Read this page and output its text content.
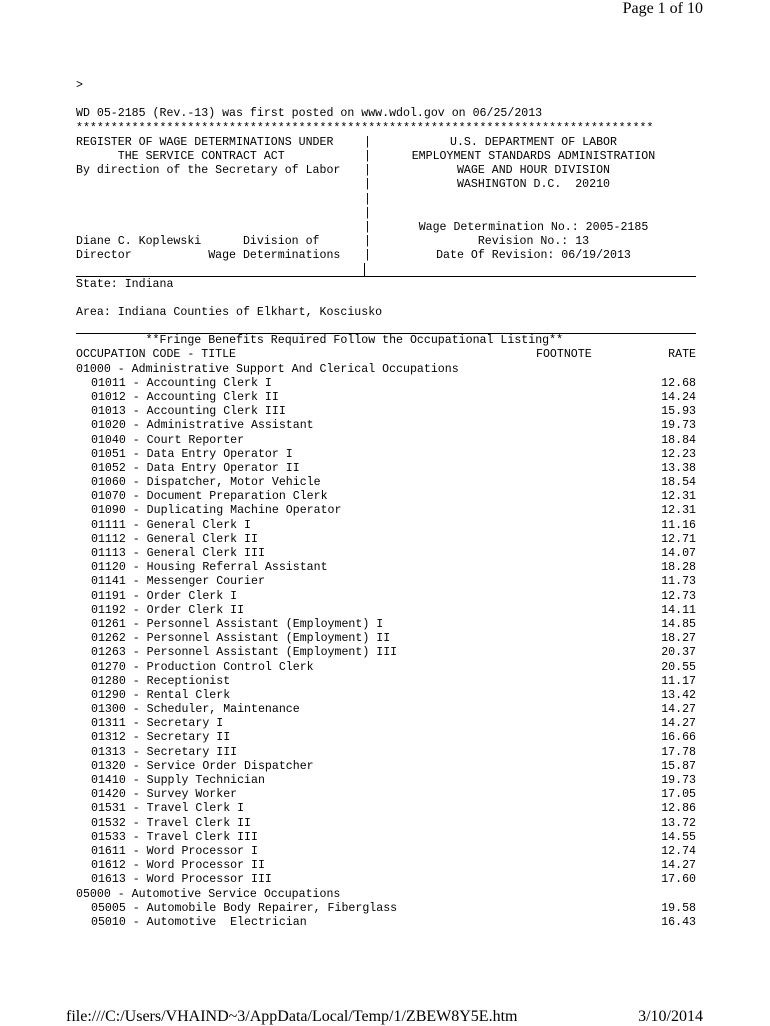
Page 1 of 10
>
WD 05-2185 (Rev.-13) was first posted on www.wdol.gov on 06/25/2013
***********************************************************************************
REGISTER OF WAGE DETERMINATIONS UNDER	|	U.S. DEPARTMENT OF LABOR
THE SERVICE CONTRACT ACT	|	EMPLOYMENT STANDARDS ADMINISTRATION
By direction of the Secretary of Labor	|	WAGE AND HOUR DIVISION
|	WASHINGTON D.C.  20210
|
|
|	Wage Determination No.: 2005-2185
Diane C. Koplewski      Division of	|	Revision No.: 13
Director           Wage Determinations	|	Date Of Revision: 06/19/2013
State: Indiana
Area: Indiana Counties of Elkhart, Kosciusko
**Fringe Benefits Required Follow the Occupational Listing**
OCCUPATION CODE - TITLE	FOOTNOTE	RATE
01000 - Administrative Support And Clerical Occupations
01011 - Accounting Clerk I	12.68
01012 - Accounting Clerk II	14.24
01013 - Accounting Clerk III	15.93
01020 - Administrative Assistant	19.73
01040 - Court Reporter	18.84
01051 - Data Entry Operator I	12.23
01052 - Data Entry Operator II	13.38
01060 - Dispatcher, Motor Vehicle	18.54
01070 - Document Preparation Clerk	12.31
01090 - Duplicating Machine Operator	12.31
01111 - General Clerk I	11.16
01112 - General Clerk II	12.71
01113 - General Clerk III	14.07
01120 - Housing Referral Assistant	18.28
01141 - Messenger Courier	11.73
01191 - Order Clerk I	12.73
01192 - Order Clerk II	14.11
01261 - Personnel Assistant (Employment) I	14.85
01262 - Personnel Assistant (Employment) II	18.27
01263 - Personnel Assistant (Employment) III	20.37
01270 - Production Control Clerk	20.55
01280 - Receptionist	11.17
01290 - Rental Clerk	13.42
01300 - Scheduler, Maintenance	14.27
01311 - Secretary I	14.27
01312 - Secretary II	16.66
01313 - Secretary III	17.78
01320 - Service Order Dispatcher	15.87
01410 - Supply Technician	19.73
01420 - Survey Worker	17.05
01531 - Travel Clerk I	12.86
01532 - Travel Clerk II	13.72
01533 - Travel Clerk III	14.55
01611 - Word Processor I	12.74
01612 - Word Processor II	14.27
01613 - Word Processor III	17.60
05000 - Automotive Service Occupations
05005 - Automobile Body Repairer, Fiberglass	19.58
05010 - Automotive  Electrician	16.43
file:///C:/Users/VHAIND~3/AppData/Local/Temp/1/ZBEW8Y5E.htm	3/10/2014
